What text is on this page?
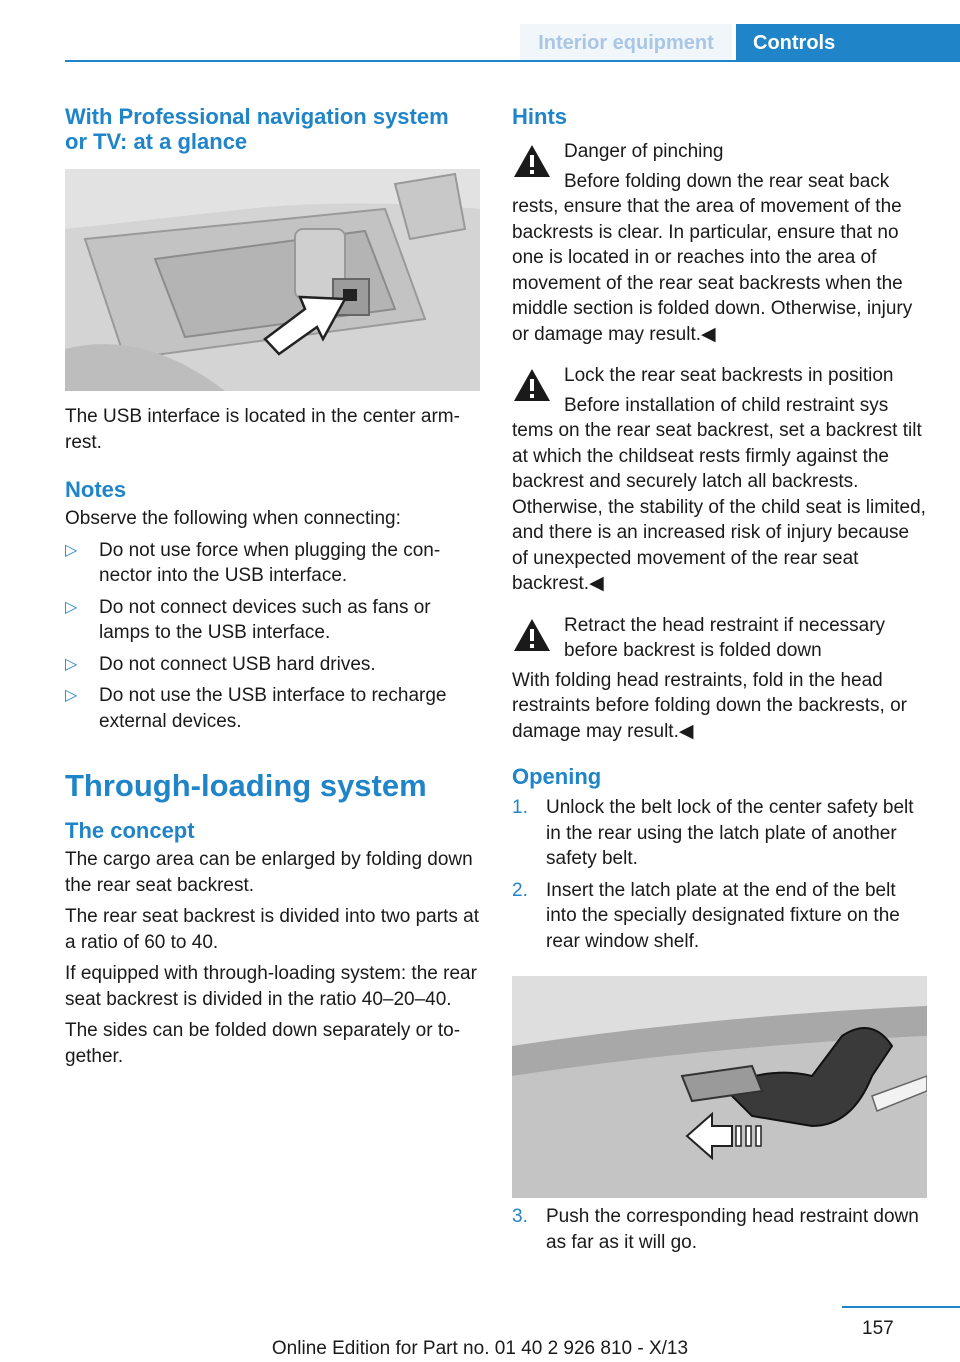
Interior equipment	Controls
With Professional navigation system or TV: at a glance

The USB interface is located in the center armrest.

Notes

Observe the following when connecting:

▷ Do not use force when plugging the connector into the USB interface.
▷ Do not connect devices such as fans or lamps to the USB interface.
▷ Do not connect USB hard drives.
▷ Do not use the USB interface to recharge external devices.
Through-loading system
The concept

The cargo area can be enlarged by folding down the rear seat backrest.

The rear seat backrest is divided into two parts at a ratio of 60 to 40.

If equipped with through-loading system: the rear seat backrest is divided in the ratio 40–20–40.

The sides can be folded down separately or together.

Hints
Danger of pinching
Before folding down the rear seat back

rests, ensure that the area of movement of the backrests is clear. In particular, ensure that no one is located in or reaches into the area of movement of the rear seat backrests when the middle section is folded down. Otherwise, injury or damage may result.◀

Lock the rear seat backrests in position
Before installation of child restraint sys

tems on the rear seat backrest, set a backrest tilt at which the childseat rests firmly against the backrest and securely latch all backrests. Otherwise, the stability of the child seat is limited, and there is an increased risk of injury because of unexpected movement of the rear seat backrest.◀

Retract the head restraint if necessary before backrest is folded down

With folding head restraints, fold in the head restraints before folding down the backrests, or damage may result.◀

Opening
1. Unlock the belt lock of the center safety belt in the rear using the latch plate of another safety belt.
2. Insert the latch plate at the end of the belt into the specially designated fixture on the rear window shelf.
3. Push the corresponding head restraint down as far as it will go.
157
Online Edition for Part no. 01 40 2 926 810 - X/13
